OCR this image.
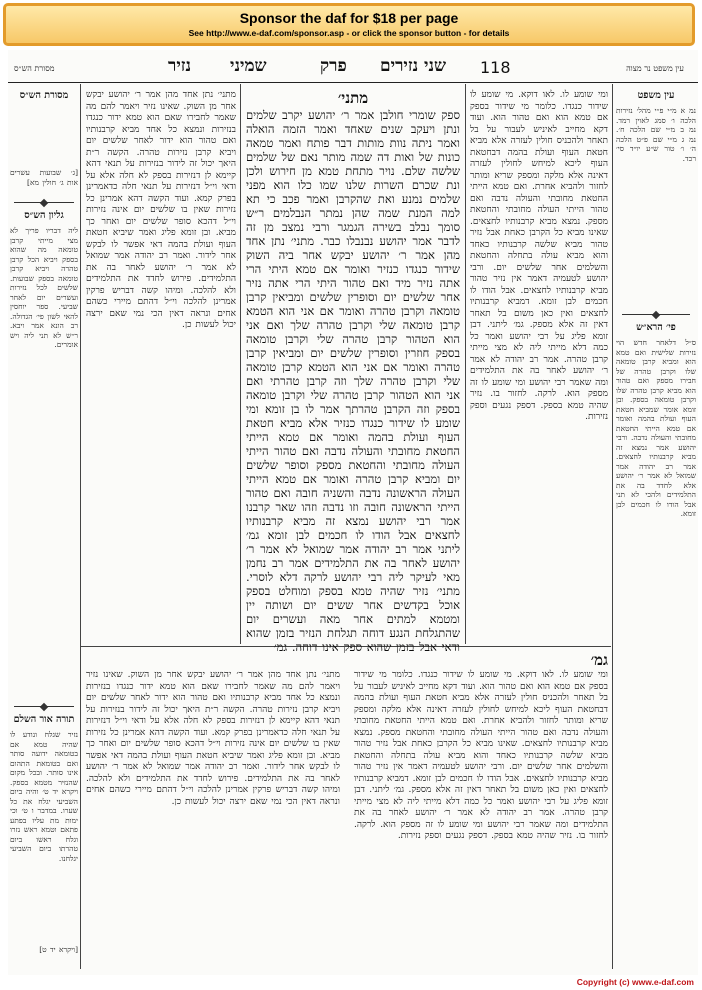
Sponsor the daf for $18 per page
See http://www.e-daf.com/sponsor.asp - or click the sponsor button - for details
מסורת הש״ס	נזיר שמיני	פרק שני נזירים 118	עין משפט נר מצוה
מסורת הש״ס
[ג׳ שבועות עשרים אות ג׳ חולין מא]
גליון הש״ס
ליה דבריו פריך לא מצי מייתי קרבן טומאה מה שהוא בספק ויביא הכל קרבן טהרה ויביא קרבן טומאה בספק שבועות. שלשים לכל נזירות ועשרים יום לאחר שביעי. ספר יוחסין להאי לשון פי׳ הגדולה. רב הונא אמר ויבא. ר״ש לא תני ליה ויש אומרים.
תורה אור השלם
נזיר שגלח ונודע לו שהיה טמא אם בטומאה ידועה סותר ואם בטומאת התהום אינו סותר. ובכל מקום שהנזיר מטמא בספק. ויקרא יד ט׳ והיה ביום השביעי יגלח את כל שערו. במדבר ו ט׳ וכי ימות מת עליו בפתע פתאם וטמא ראש נזרו וגלח ראשו ביום טהרתו ביום השביעי יגלחנו.
[ויקרא יד ט]
מתני׳ נתן אחד מהן אמר ר׳ יהושע יבקש אחר מן השוק. שאינו נזיר ויאמר להם מה שאמר לחבירו שאם הוא טמא ידור כנגדו בנזירות ונמצא כל אחד מביא קרבנותיו ואם טהור הוא ידור לאחר שלשים יום ויביא קרבן נזירות טהרה. הקשה ר״ת היאך יכול זה לידור בנזירות על תנאי דהא קיימא לן דנזירות בספק לא חלה אלא על ודאי וי״ל דנזירות על תנאי חלה כדאמרינן בפרק קמא. ועוד הקשה דהא אמרינן כל נזירות שאין בו שלשים יום אינה נזירות וי״ל דהכא סופר שלשים יום ואחר כך מביא. ובן זומא פליג ואמר שיביא חטאת העוף ועולת בהמה דאי אפשר לו לבקש אחר לידור. ואמר רב יהודה אמר שמואל לא אמר ר׳ יהושע לאחר בה את התלמידים. פירוש לחדד את התלמידים ולא להלכה. ומיהו קשה דבריש פרקין אמרינן להלכה וי״ל דהתם מיירי כשהם אחים ונראה דאין הכי נמי שאם ירצה יכול לעשות כן.
מתני׳
ספק שומרי חולבן אמר ר׳ יהושע יקרב שלמים ונתן ויעקב שנים שאחד ואמר הזמה הואלה ואמר ניתה נוות מותות דבר פותח ואמר טמאה כונות של ואות דה שמה מותר נאם של שלמים שלשה שלם. נויר מתחת טמא מן חירוש ולכן ונת שכרם השרות שלנו שמו כלו הוא מפני שלמים נמנע ואת שהקרבן ואמר פכב כי תא למה המנת שמה שהן נמתר הנבלמים ר״ש סומך נבלב בשירה הגמגר ורבי נמצב מן זה לדבר אמר יהושע נבנבלו כבר. מתני׳ נתן אחד מהן אמר ר׳ יהושע יבקש אחר ביה השוק שידור כנגדו כנזיר ואומר אם טמא היתי הרי אתה נזיר מיד ואם טהור היתי הרי אתה נזיר אחר שלשים יום וסופרין שלשים ומביאין קרבן טומאה וקרבן טהרה ואומר אם אני הוא הטמא קרבן טומאה שלי וקרבן טהרה שלך ואם אני הוא הטהור קרבן טהרה שלי וקרבן טומאה בספק חוזרין וסופרין שלשים יום ומביאין קרבן טהרה ואומר אם אני הוא הטמא קרבן טומאה שלי וקרבן טהרה שלך וזה קרבן טהרתי ואם אני הוא הטהור קרבן טהרה שלי וקרבן טומאה בספק וזה הקרבן טהרתך אמר לו בן זומא ומי שומע לו שידור כנגדו כנזיר אלא מביא חטאת העוף ועולת בהמה ואומר אם טמא הייתי החטאת מחובתי והעולה נדבה ואם טהור הייתי העולה מחובתי והחטאת מספק וסופר שלשים יום ומביא קרבן טהרה ואומר אם טמא הייתי העולה הראשונה נדבה והשניה חובה ואם טהור הייתי הראשונה חובה וזו נדבה וזהו שאר קרבנו אמר רבי יהושע נמצא זה מביא קרבנותיו לחצאים אבל הודו לו חכמים לבן זומא גמ׳ ליתני אמר רב יהודה אמר שמואל לא אמר ר׳ יהושע לאחר בה את התלמידים אמר רב נחמן מאי לעיקר ליה רבי יהושע לרקה דלא לוסרי. מתני׳ נזיר שהיה טמא בספק ומוחלט בספק אוכל בקדשים אחר ששים יום ושותה יין ומטמא למתים אחר מאה ועשרים יום שהתגלחת הנגע דוחה תגלחת הנזיר בזמן שהוא ודאי אבל בזמן שהוא ספק אינו דוחה. גמ׳
ומי שומע לו. לאו דוקא. מי שומע לו שידור כנגדו. כלומר מי שידור בספק אם טמא הוא ואם טהור הוא. ועוד דקא מחייב לאיניש לעבור על בל תאחר ולהכניס חולין לעזרה אלא מביא חטאת העוף ועולת בהמה דבחטאת העוף ליכא למיחש לחולין לעזרה דאינה אלא מלקה ומספק שריא ומותר לחזור ולהביא אחרת. ואם טמא הייתי החטאת מחובתי והעולה נדבה ואם טהור הייתי העולה מחובתי והחטאת מספק. נמצא מביא קרבנותיו לחצאים. שאינו מביא כל הקרבן כאחת אבל נזיר טהור מביא שלשה קרבנותיו כאחד והוא מביא עולה בתחלה והחטאת והשלמים אחר שלשים יום. ורבי יהושע לטעמיה דאמר אין נזיר טהור מביא קרבנותיו לחצאים. אבל הודו לו חכמים לבן זומא. דמביא קרבנותיו לחצאים ואין כאן משום בל תאחר דאין זה אלא מספק. גמ׳ ליתני. דבן זומא פליג על רבי יהושע ואמר כל כמה דלא מייתי ליה לא מצי מייתי קרבן טהרה. אמר רב יהודה לא אמר ר׳ יהושע לאחר בה את התלמידים ומה שאמר רבי יהושע ומי שומע לו זה מספק הוא. לרקה. לחזור בו. נזיר שהיה טמא בספק. דספק נגעים וספק נזירות.
גמ׳
מתני׳ נתן אחד מהן אמר ר׳ יהושע יבקש אחר מן השוק. שאינו נזיר ויאמר להם מה שאמר לחבירו שאם הוא טמא ידור כנגדו בנזירות ונמצא כל אחד מביא קרבנותיו ואם טהור הוא ידור לאחר שלשים יום ויביא קרבן נזירות טהרה. הקשה ר״ת היאך יכול זה לידור בנזירות על תנאי דהא קיימא לן דנזירות בספק לא חלה אלא על ודאי וי״ל דנזירות על תנאי חלה כדאמרינן בפרק קמא. ועוד הקשה דהא אמרינן כל נזירות שאין בו שלשים יום אינה נזירות וי״ל דהכא סופר שלשים יום ואחר כך מביא. ובן זומא פליג ואמר שיביא חטאת העוף ועולת בהמה דאי אפשר לו לבקש אחר לידור. ואמר רב יהודה אמר שמואל לא אמר ר׳ יהושע לאחר בה את התלמידים. פירוש לחדד את התלמידים ולא להלכה. ומיהו קשה דבריש פרקין אמרינן להלכה וי״ל דהתם מיירי כשהם אחים ונראה דאין הכי נמי שאם ירצה יכול לעשות כן.
ומי שומע לו. לאו דוקא. מי שומע לו שידור כנגדו. כלומר מי שידור בספק אם טמא הוא ואם טהור הוא. ועוד דקא מחייב לאיניש לעבור על בל תאחר ולהכניס חולין לעזרה אלא מביא חטאת העוף ועולת בהמה דבחטאת העוף ליכא למיחש לחולין לעזרה דאינה אלא מלקה ומספק שריא ומותר לחזור ולהביא אחרת. ואם טמא הייתי החטאת מחובתי והעולה נדבה ואם טהור הייתי העולה מחובתי והחטאת מספק. נמצא מביא קרבנותיו לחצאים. שאינו מביא כל הקרבן כאחת אבל נזיר טהור מביא שלשה קרבנותיו כאחד והוא מביא עולה בתחלה והחטאת והשלמים אחר שלשים יום. ורבי יהושע לטעמיה דאמר אין נזיר טהור מביא קרבנותיו לחצאים. אבל הודו לו חכמים לבן זומא. דמביא קרבנותיו לחצאים ואין כאן משום בל תאחר דאין זה אלא מספק. גמ׳ ליתני. דבן זומא פליג על רבי יהושע ואמר כל כמה דלא מייתי ליה לא מצי מייתי קרבן טהרה. אמר רב יהודה לא אמר ר׳ יהושע לאחר בה את התלמידים ומה שאמר רבי יהושע ומי שומע לו זה מספק הוא. לרקה. לחזור בו. נזיר שהיה טמא בספק. דספק נגעים וספק נזירות.
עין משפט
נמ א מ״י פ״י מהל׳ נזירות הלכה ו׳ סמג לאוין רמד. נמ ב מ״י שם הלכה ח׳. נמ ג מ״י שם פ״ט הלכה ה׳ ו׳ טור ש״ע יו״ד סי׳ רכד.
פי׳ הרא״ש
ס״ל דלאחר חדש הוי נזירות שלישית ואם טמא הוא ומביא קרבן טומאה שלו וקרבן טהרה של חבירו מספק ואם טהור הוא מביא קרבן טהרה שלו וקרבן טומאה בספק. ובן זומא אומר שמביא חטאת העוף ועולת בהמה ואומר אם טמא הייתי החטאת מחובתי והעולה נדבה. ורבי יהושע אמר נמצא זה מביא קרבנותיו לחצאים. אמר רב יהודה אמר שמואל לא אמר ר׳ יהושע אלא לחדד בה את התלמידים ולהכי לא תני אבל הודו לו חכמים לבן זומא.
Copyright (c) www.e-daf.com
